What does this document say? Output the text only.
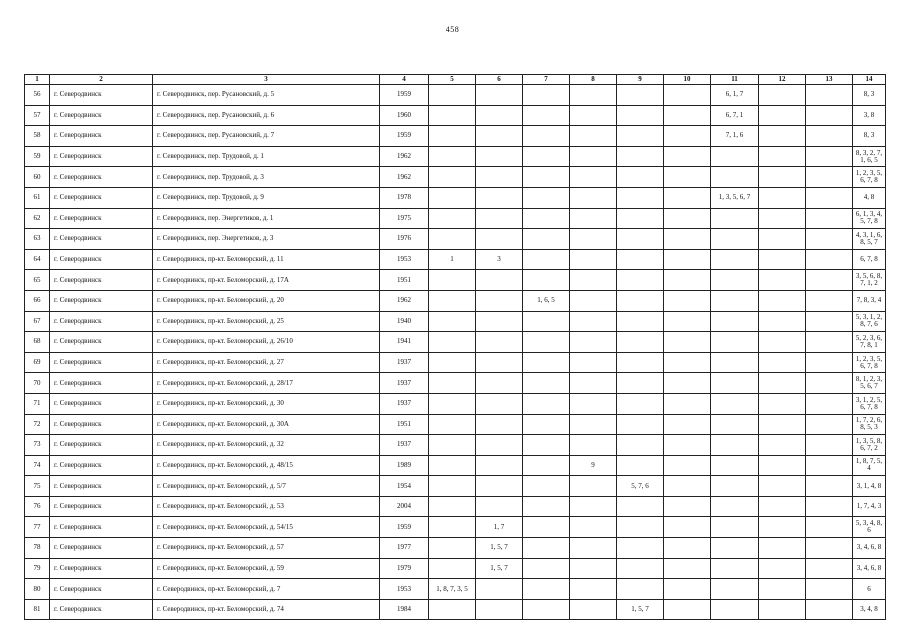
458
1	2	3	4	5	6	7	8	9	10	11	12	13	14
56	г. Северодвинск	г. Северодвинск, пер. Русановский, д. 5	1959							6, 1, 7			8, 3
57	г. Северодвинск	г. Северодвинск, пер. Русановский, д. 6	1960							6, 7, 1			3, 8
58	г. Северодвинск	г. Северодвинск, пер. Русановский, д. 7	1959							7, 1, 6			8, 3
59	г. Северодвинск	г. Северодвинск, пер. Трудовой, д. 1	1962										8, 3, 2, 7, 1, 6, 5
60	г. Северодвинск	г. Северодвинск, пер. Трудовой, д. 3	1962										1, 2, 3, 5, 6, 7, 8
61	г. Северодвинск	г. Северодвинск, пер. Трудовой, д. 9	1978							1, 3, 5, 6, 7			4, 8
62	г. Северодвинск	г. Северодвинск, пер. Энергетиков, д. 1	1975										6, 1, 3, 4, 5, 7, 8
63	г. Северодвинск	г. Северодвинск, пер. Энергетиков, д. 3	1976										4, 3, 1, 6, 8, 5, 7
64	г. Северодвинск	г. Северодвинск, пр-кт. Беломорский, д. 11	1953	1	3								6, 7, 8
65	г. Северодвинск	г. Северодвинск, пр-кт. Беломорский, д. 17А	1951										3, 5, 6, 8, 7, 1, 2
66	г. Северодвинск	г. Северодвинск, пр-кт. Беломорский, д. 20	1962			1, 6, 5							7, 8, 3, 4
67	г. Северодвинск	г. Северодвинск, пр-кт. Беломорский, д. 25	1940										5, 3, 1, 2, 8, 7, 6
68	г. Северодвинск	г. Северодвинск, пр-кт. Беломорский, д. 26/10	1941										5, 2, 3, 6, 7, 8, 1
69	г. Северодвинск	г. Северодвинск, пр-кт. Беломорский, д. 27	1937										1, 2, 3, 5, 6, 7, 8
70	г. Северодвинск	г. Северодвинск, пр-кт. Беломорский, д. 28/17	1937										8, 1, 2, 3, 5, 6, 7
71	г. Северодвинск	г. Северодвинск, пр-кт. Беломорский, д. 30	1937										3, 1, 2, 5, 6, 7, 8
72	г. Северодвинск	г. Северодвинск, пр-кт. Беломорский, д. 30А	1951										1, 7, 2, 6, 8, 5, 3
73	г. Северодвинск	г. Северодвинск, пр-кт. Беломорский, д. 32	1937										1, 3, 5, 8, 6, 7, 2
74	г. Северодвинск	г. Северодвинск, пр-кт. Беломорский, д. 48/15	1989				9						1, 8, 7, 5, 4
75	г. Северодвинск	г. Северодвинск, пр-кт. Беломорский, д. 5/7	1954					5, 7, 6					3, 1, 4, 8
76	г. Северодвинск	г. Северодвинск, пр-кт. Беломорский, д. 53	2004										1, 7, 4, 3
77	г. Северодвинск	г. Северодвинск, пр-кт. Беломорский, д. 54/15	1959		1, 7								5, 3, 4, 8, 6
78	г. Северодвинск	г. Северодвинск, пр-кт. Беломорский, д. 57	1977		1, 5, 7								3, 4, 6, 8
79	г. Северодвинск	г. Северодвинск, пр-кт. Беломорский, д. 59	1979		1, 5, 7								3, 4, 6, 8
80	г. Северодвинск	г. Северодвинск, пр-кт. Беломорский, д. 7	1953	1, 8, 7, 3, 5									6
81	г. Северодвинск	г. Северодвинск, пр-кт. Беломорский, д. 74	1984					1, 5, 7					3, 4, 8
